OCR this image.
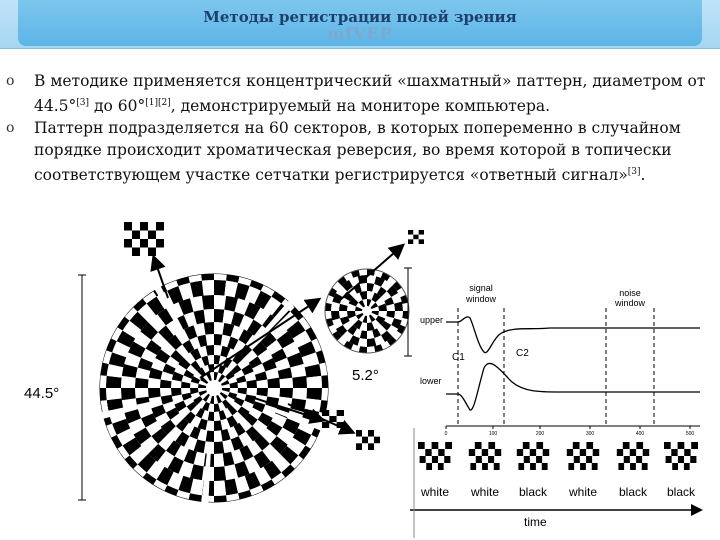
Методы регистрации полей зрения
mfVEP
o В методике применяется концентрический «шахматный» паттерн, диаметром от 44.5°[3] до 60°[1][2], демонстрируемый на мониторе компьютера.
o Паттерн подразделяется на 60 секторов, в которых попеременно в случайном порядке происходит хроматическая реверсия, во время которой в топически соответствующем участке сетчатки регистрируется «ответный сигнал»[3].
44.5°
5.2°
signal
window
noise
window
upper
lower
C1	C2
0	100	200	300	400	500
white white black white black black
time
